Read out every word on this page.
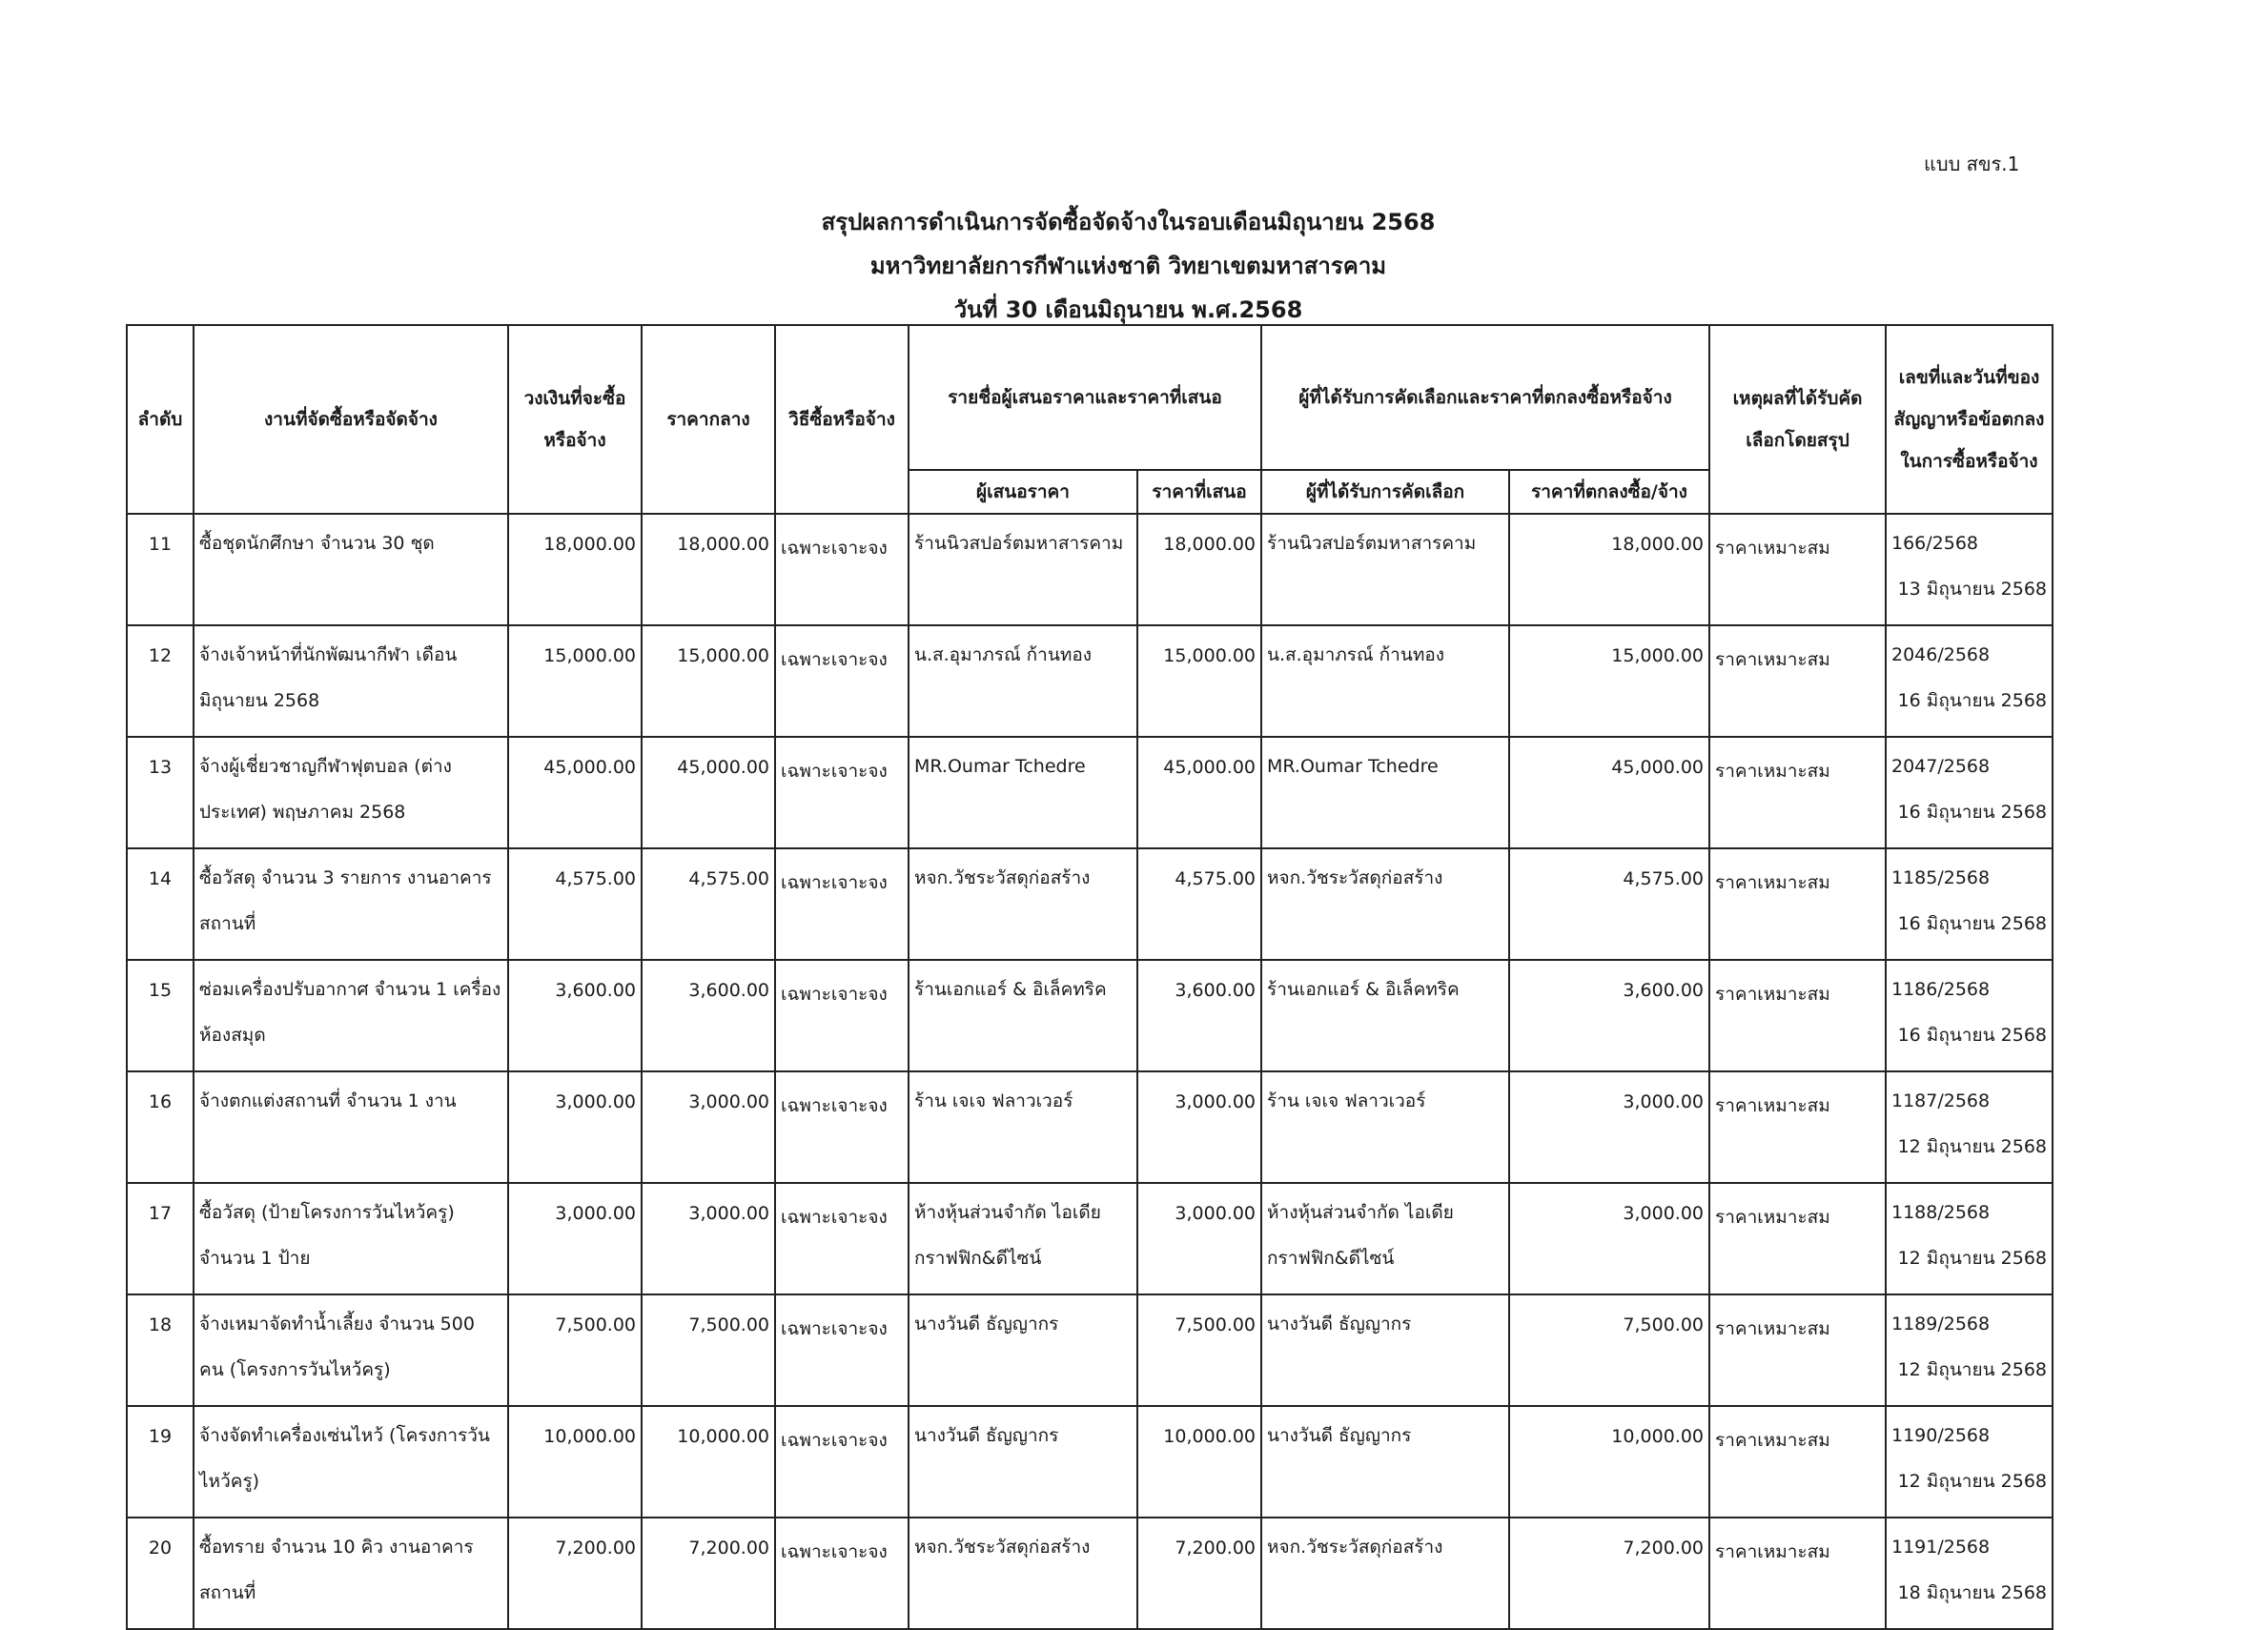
แบบ สขร.1
สรุปผลการดำเนินการจัดซื้อจัดจ้างในรอบเดือนมิถุนายน 2568
มหาวิทยาลัยการกีฬาแห่งชาติ วิทยาเขตมหาสารคาม
วันที่ 30 เดือนมิถุนายน พ.ศ.2568
ลำดับ	งานที่จัดซื้อหรือจัดจ้าง	วงเงินที่จะซื้อหรือจ้าง	ราคากลาง	วิธีซื้อหรือจ้าง	รายชื่อผู้เสนอราคาและราคาที่เสนอ		ผู้ที่ได้รับการคัดเลือกและราคาที่ตกลงซื้อหรือจ้าง		เหตุผลที่ได้รับคัดเลือกโดยสรุป	เลขที่และวันที่ของสัญญาหรือข้อตกลงในการซื้อหรือจ้าง
					ผู้เสนอราคา	ราคาที่เสนอ	ผู้ที่ได้รับการคัดเลือก	ราคาที่ตกลงซื้อ/จ้าง		
11	ซื้อชุดนักศึกษา จำนวน 30 ชุด	18,000.00	18,000.00	เฉพาะเจาะจง	ร้านนิวสปอร์ตมหาสารคาม	18,000.00	ร้านนิวสปอร์ตมหาสารคาม	18,000.00	ราคาเหมาะสม	166/2568
13 มิถุนายน 2568

12	จ้างเจ้าหน้าที่นักพัฒนากีฬา เดือนมิถุนายน 2568	15,000.00	15,000.00	เฉพาะเจาะจง	น.ส.อุมาภรณ์ ก้านทอง	15,000.00	น.ส.อุมาภรณ์ ก้านทอง	15,000.00	ราคาเหมาะสม	2046/2568
16 มิถุนายน 2568

13	จ้างผู้เชี่ยวชาญกีฬาฟุตบอล (ต่างประเทศ) พฤษภาคม 2568	45,000.00	45,000.00	เฉพาะเจาะจง	MR.Oumar Tchedre	45,000.00	MR.Oumar Tchedre	45,000.00	ราคาเหมาะสม	2047/2568
16 มิถุนายน 2568

14	ซื้อวัสดุ จำนวน 3 รายการ งานอาคารสถานที่	4,575.00	4,575.00	เฉพาะเจาะจง	หจก.วัชระวัสดุก่อสร้าง	4,575.00	หจก.วัชระวัสดุก่อสร้าง	4,575.00	ราคาเหมาะสม	1185/2568
16 มิถุนายน 2568

15	ซ่อมเครื่องปรับอากาศ จำนวน 1 เครื่อง ห้องสมุด	3,600.00	3,600.00	เฉพาะเจาะจง	ร้านเอกแอร์ & อิเล็คทริค	3,600.00	ร้านเอกแอร์ & อิเล็คทริค	3,600.00	ราคาเหมาะสม	1186/2568
16 มิถุนายน 2568

16	จ้างตกแต่งสถานที่ จำนวน 1 งาน	3,000.00	3,000.00	เฉพาะเจาะจง	ร้าน เจเจ ฟลาวเวอร์	3,000.00	ร้าน เจเจ ฟลาวเวอร์	3,000.00	ราคาเหมาะสม	1187/2568
12 มิถุนายน 2568

17	ซื้อวัสดุ (ป้ายโครงการวันไหว้ครู) จำนวน 1 ป้าย	3,000.00	3,000.00	เฉพาะเจาะจง	ห้างหุ้นส่วนจำกัด ไอเดีย กราฟฟิก&ดีไซน์	3,000.00	ห้างหุ้นส่วนจำกัด ไอเดีย กราฟฟิก&ดีไซน์	3,000.00	ราคาเหมาะสม	1188/2568
12 มิถุนายน 2568

18	จ้างเหมาจัดทำน้ำเลี้ยง จำนวน 500 คน (โครงการวันไหว้ครู)	7,500.00	7,500.00	เฉพาะเจาะจง	นางวันดี ธัญญากร	7,500.00	นางวันดี ธัญญากร	7,500.00	ราคาเหมาะสม	1189/2568
12 มิถุนายน 2568

19	จ้างจัดทำเครื่องเซ่นไหว้ (โครงการวันไหว้ครู)	10,000.00	10,000.00	เฉพาะเจาะจง	นางวันดี ธัญญากร	10,000.00	นางวันดี ธัญญากร	10,000.00	ราคาเหมาะสม	1190/2568
12 มิถุนายน 2568

20	ซื้อทราย จำนวน 10 คิว งานอาคารสถานที่	7,200.00	7,200.00	เฉพาะเจาะจง	หจก.วัชระวัสดุก่อสร้าง	7,200.00	หจก.วัชระวัสดุก่อสร้าง	7,200.00	ราคาเหมาะสม	1191/2568
18 มิถุนายน 2568
